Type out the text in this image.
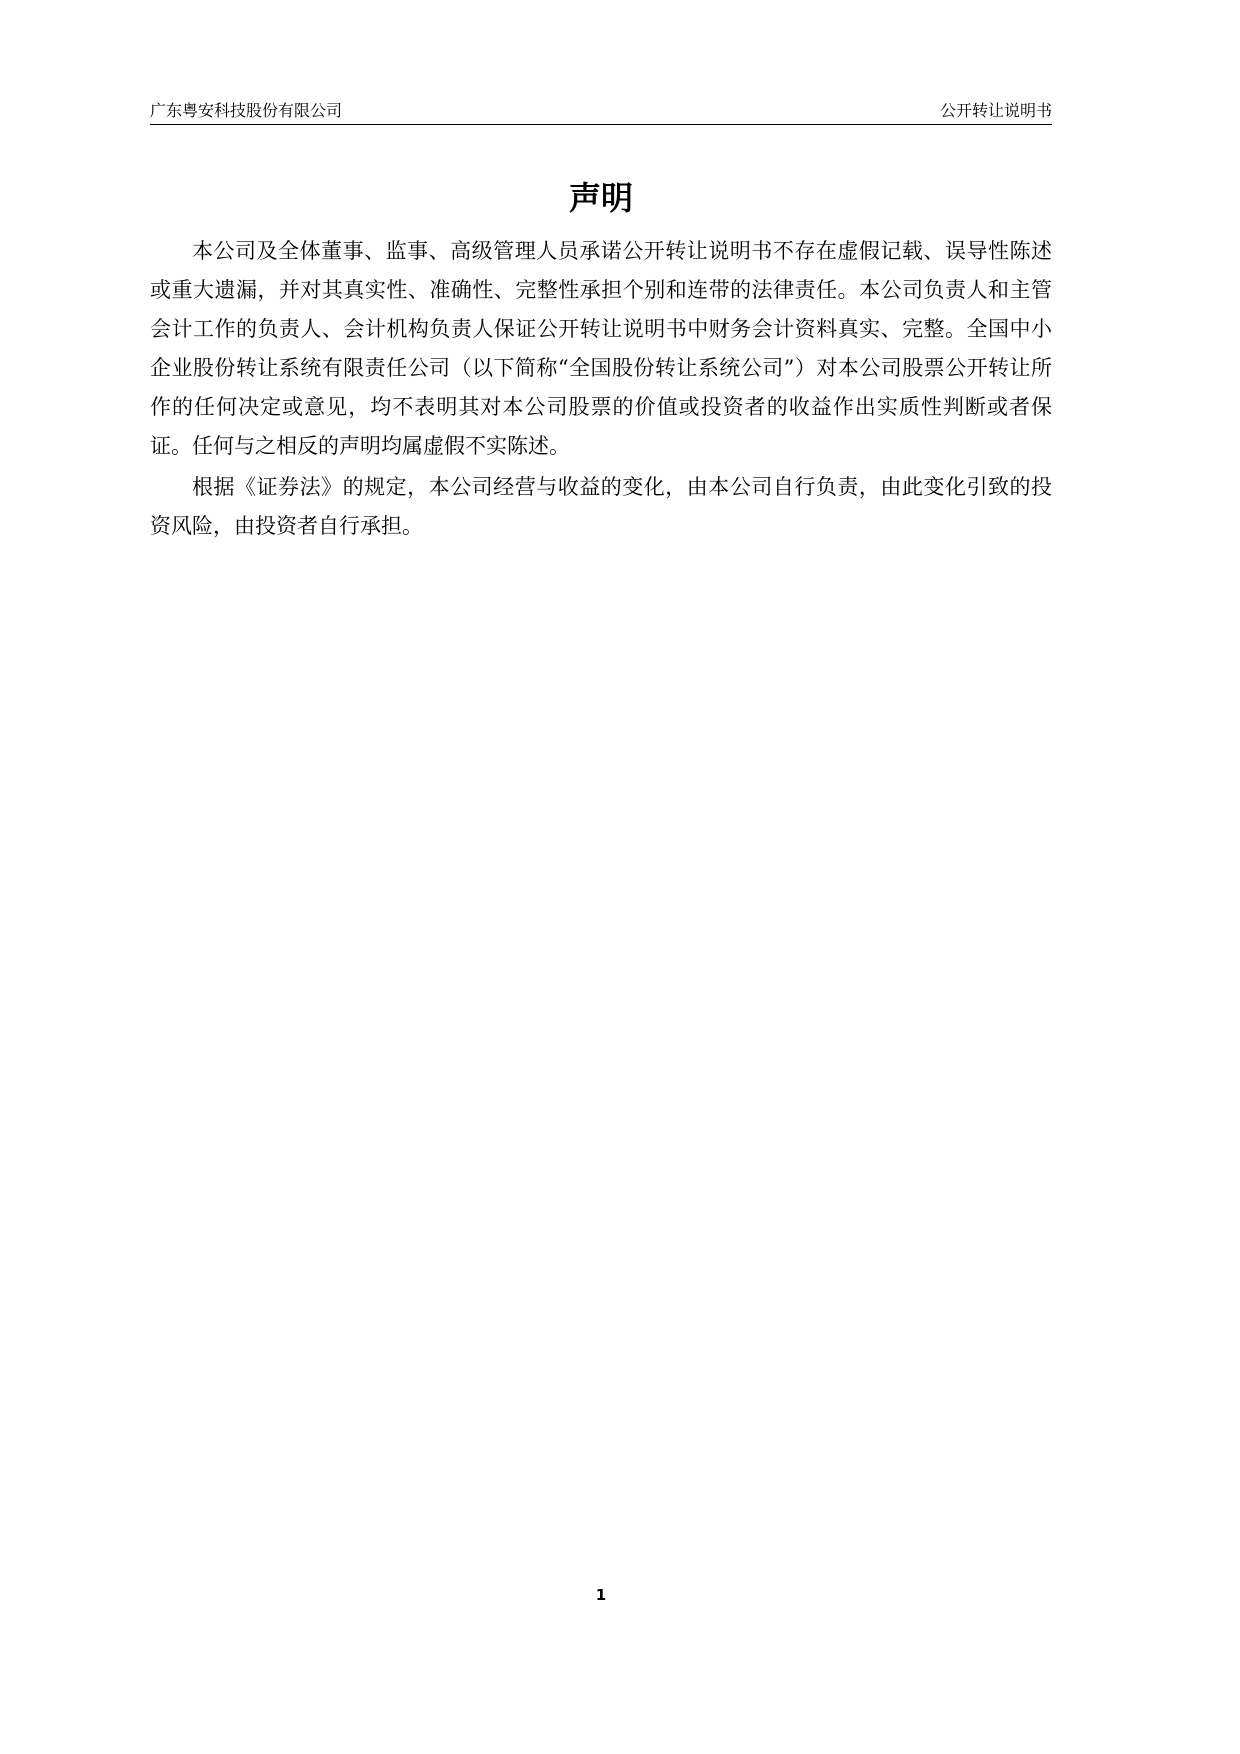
广东粤安科技股份有限公司	公开转让说明书
声明

本公司及全体董事、监事、高级管理人员承诺公开转让说明书不存在虚假记载、误导性陈述或重大遗漏，并对其真实性、准确性、完整性承担个别和连带的法律责任。本公司负责人和主管会计工作的负责人、会计机构负责人保证公开转让说明书中财务会计资料真实、完整。全国中小企业股份转让系统有限责任公司（以下简称“全国股份转让系统公司”）对本公司股票公开转让所作的任何决定或意见，均不表明其对本公司股票的价值或投资者的收益作出实质性判断或者保证。任何与之相反的声明均属虚假不实陈述。

根据《证券法》的规定，本公司经营与收益的变化，由本公司自行负责，由此变化引致的投资风险，由投资者自行承担。

1
